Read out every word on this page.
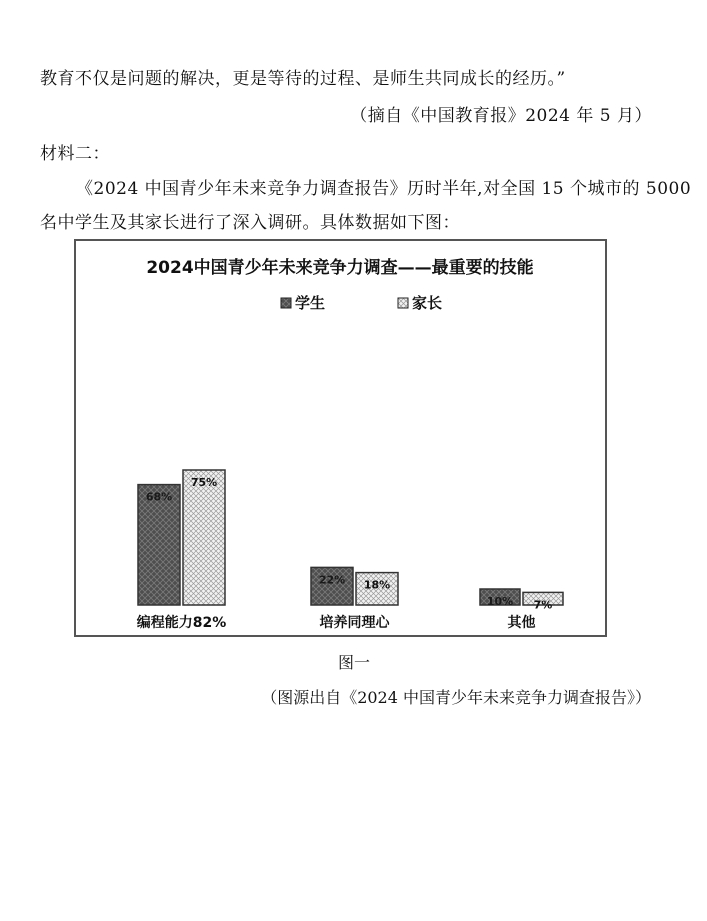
教育不仅是问题的解决，更是等待的过程、是师生共同成长的经历。”
（摘自《中国教育报》2024 年 5 月）
材料二：
《2024 中国青少年未来竞争力调查报告》历时半年,对全国 15 个城市的 5000
名中学生及其家长进行了深入调研。具体数据如下图：
2024中国青少年未来竞争力调查——最重要的技能
学生	家长
68%
75%
编程能力82%
22% 18%
培养同理心
10% 7%
其他
图一
（图源出自《2024 中国青少年未来竞争力调查报告》）
